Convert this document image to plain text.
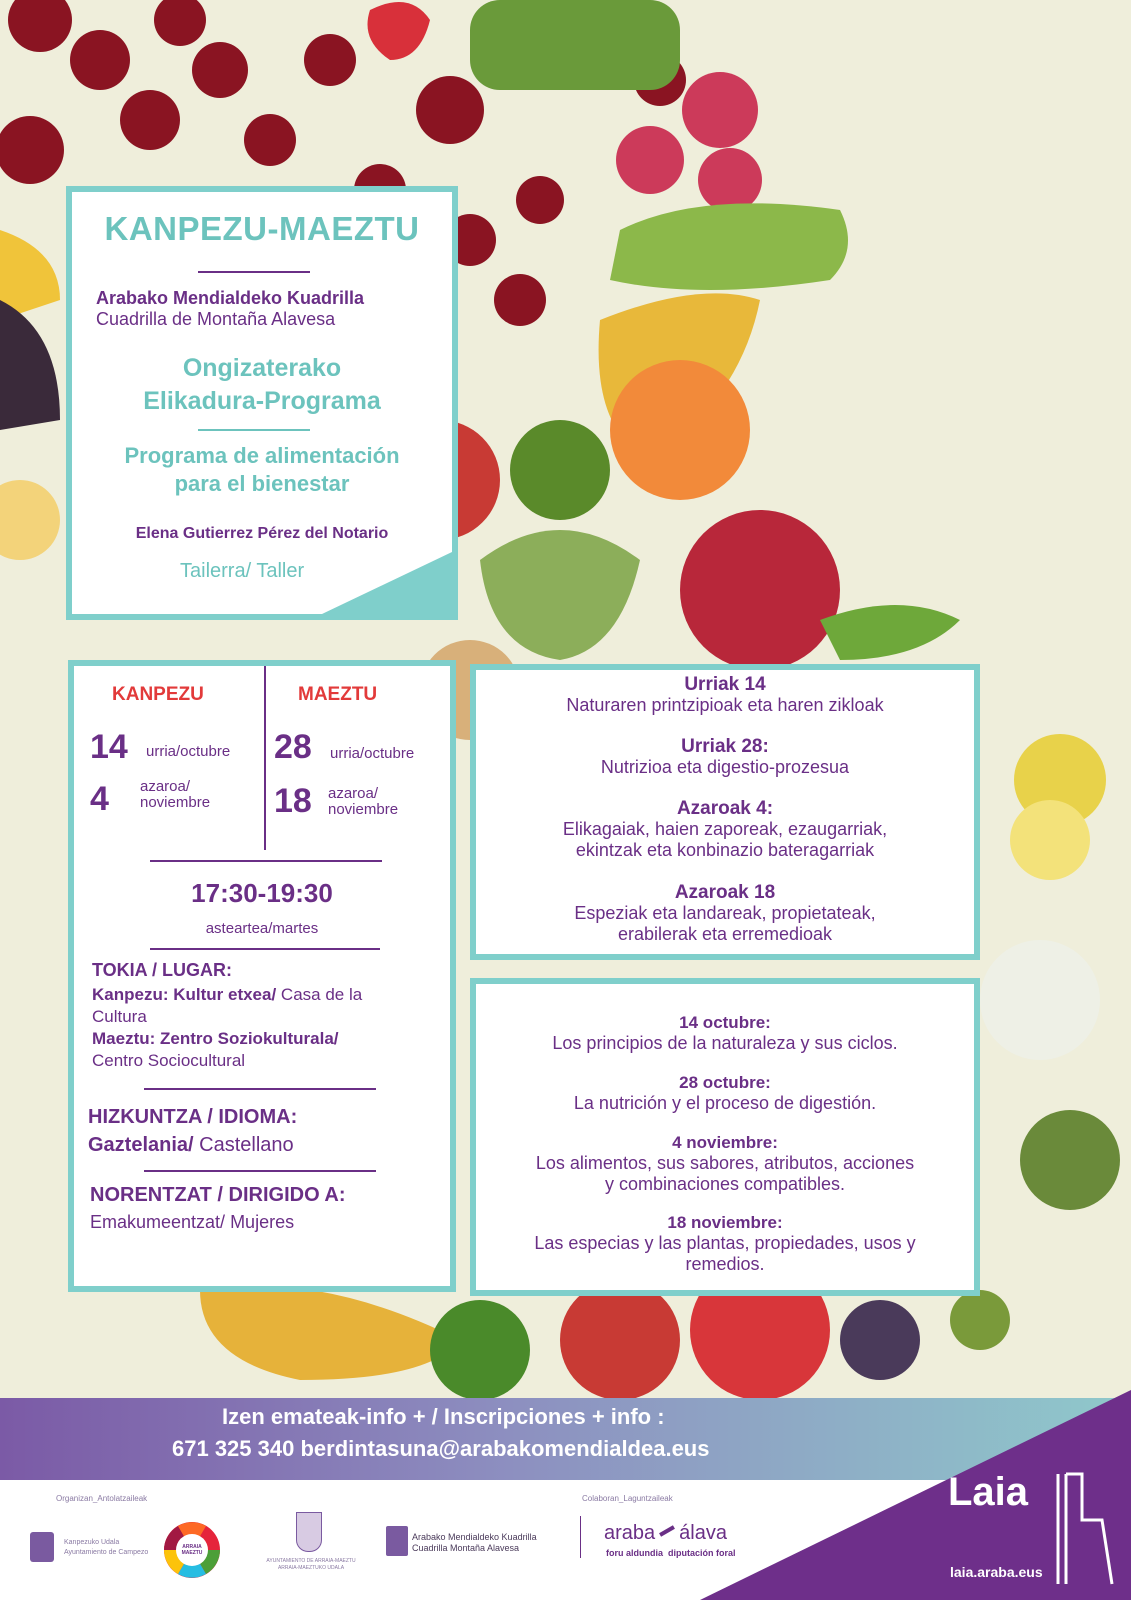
KANPEZU-MAEZTU
Arabako Mendialdeko Kuadrilla
Cuadrilla de Montaña Alavesa
Ongizaterako
Elikadura-Programa
Programa de alimentación
para el bienestar
Elena Gutierrez Pérez del Notario
Tailerra/ Taller
KANPEZU	MAEZTU
14 urria/octubre
4 azaroa/
noviembre
28 urria/octubre
18 azaroa/
noviembre
17:30-19:30
asteartea/martes
TOKIA / LUGAR:
Kanpezu: Kultur etxea/ Casa de la
Cultura
Maeztu: Zentro Soziokulturala/
Centro Sociocultural
HIZKUNTZA / IDIOMA:
Gaztelania/ Castellano
NORENTZAT / DIRIGIDO A:
Emakumeentzat/ Mujeres
Urriak 14
Naturaren printzipioak eta haren zikloak
Urriak 28:
Nutrizioa eta digestio-prozesua
Azaroak 4:
Elikagaiak, haien zaporeak, ezaugarriak,
ekintzak eta konbinazio bateragarriak
Azaroak 18
Espeziak eta landareak, propietateak,
erabilerak eta erremedioak
14 octubre:
Los principios de la naturaleza y sus ciclos.
28 octubre:
La nutrición y el proceso de digestión.
4 noviembre:
Los alimentos, sus sabores, atributos, acciones
y combinaciones compatibles.
18 noviembre:
Las especias y las plantas, propiedades, usos y
remedios.
Izen emateak-info + / Inscripciones + info :
671 325 340 berdintasuna@arabakomendialdea.eus
Organizan_Antolatzaileak	Colaboran_Laguntzaileak
Kanpezuko Udala
Ayuntamiento de Campezo
ARRAIA MAEZTU
AYUNTAMIENTO DE ARRAIA-MAEZTU
ARRAIA-MAEZTUKO UDALA
Arabako Mendialdeko Kuadrilla
Cuadrilla Montaña Alavesa
araba álava
foru aldundia diputación foral
Laia
laia.araba.eus
